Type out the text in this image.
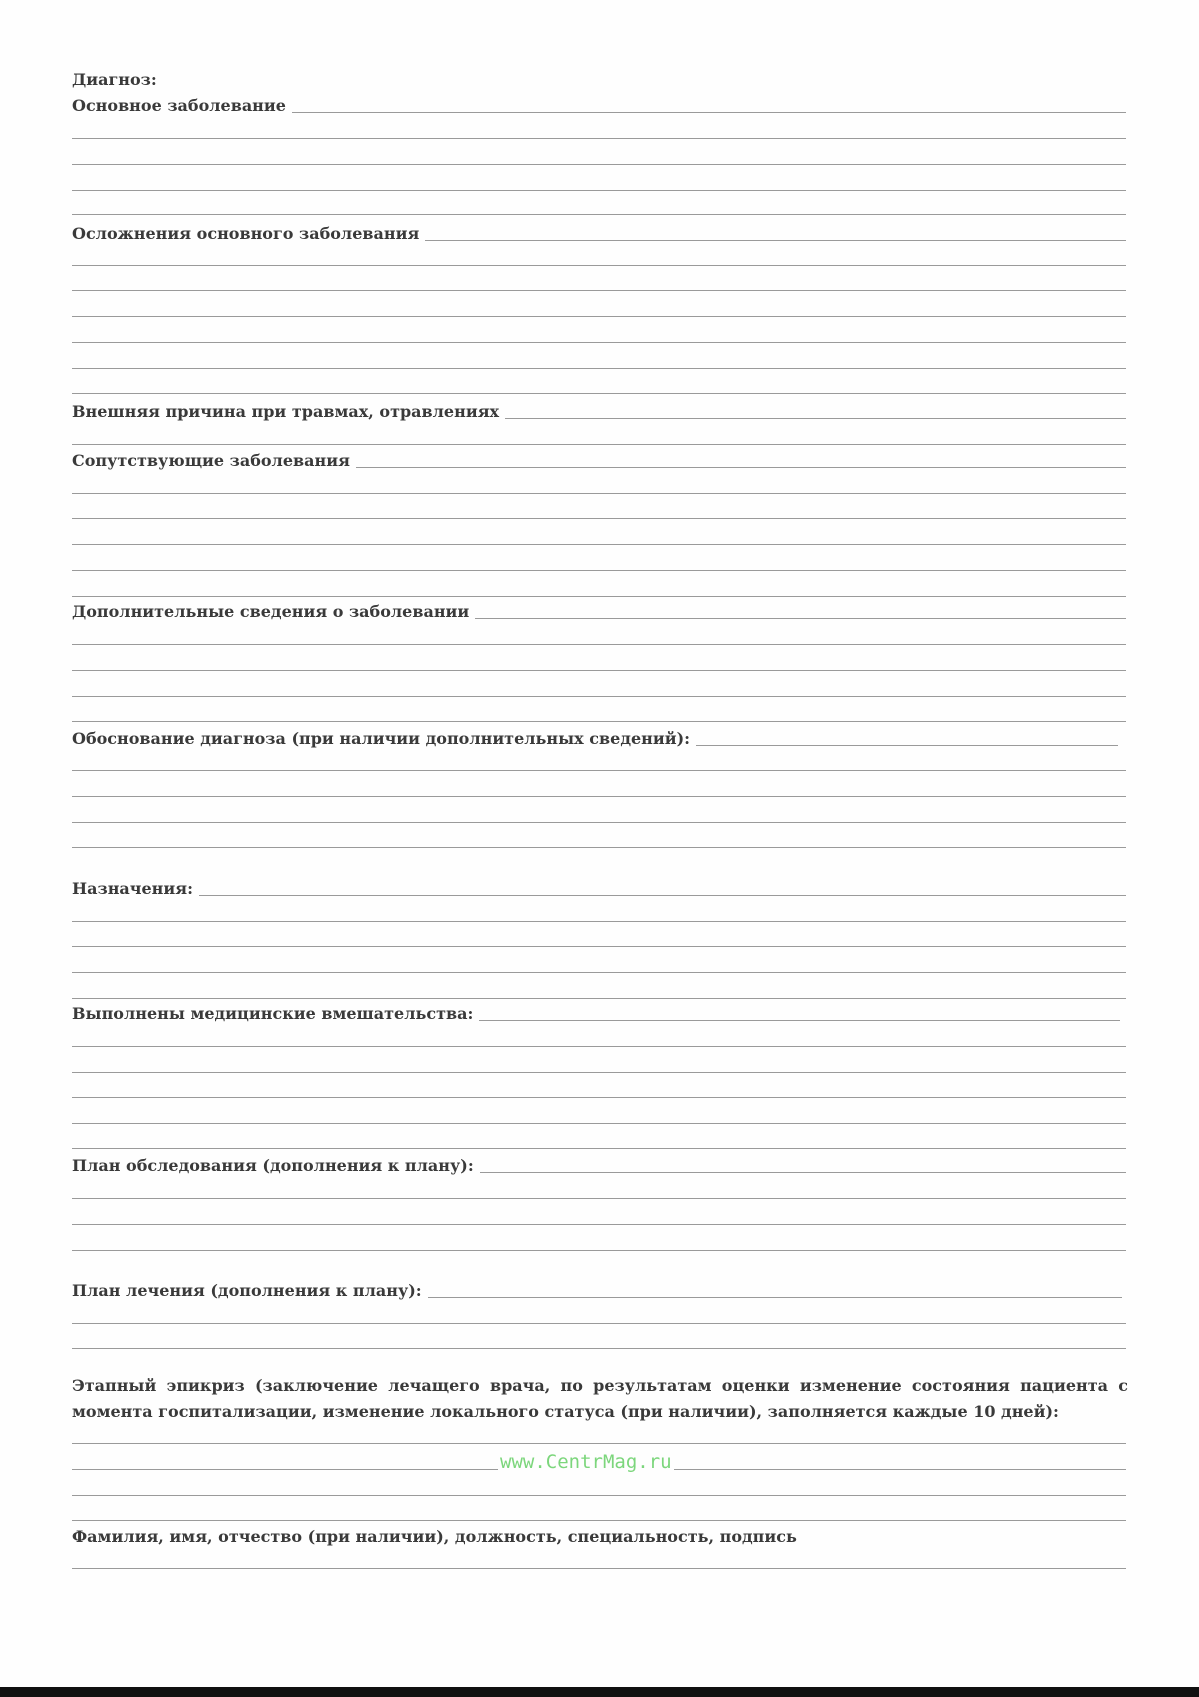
Диагноз:
Основное заболевание
Осложнения основного заболевания
Внешняя причина при травмах, отравлениях
Сопутствующие заболевания
Дополнительные сведения о заболевании
Обоснование диагноза (при наличии дополнительных сведений):
Назначения:
Выполнены медицинские вмешательства:
План обследования (дополнения к плану):
План лечения (дополнения к плану):
Этапный эпикриз (заключение лечащего врача, по результатам оценки изменение состояния пациента с момента госпитализации, изменение локального статуса (при наличии), заполняется каждые 10 дней):
Фамилия, имя, отчество (при наличии), должность, специальность, подпись
www.CentrMag.ru
